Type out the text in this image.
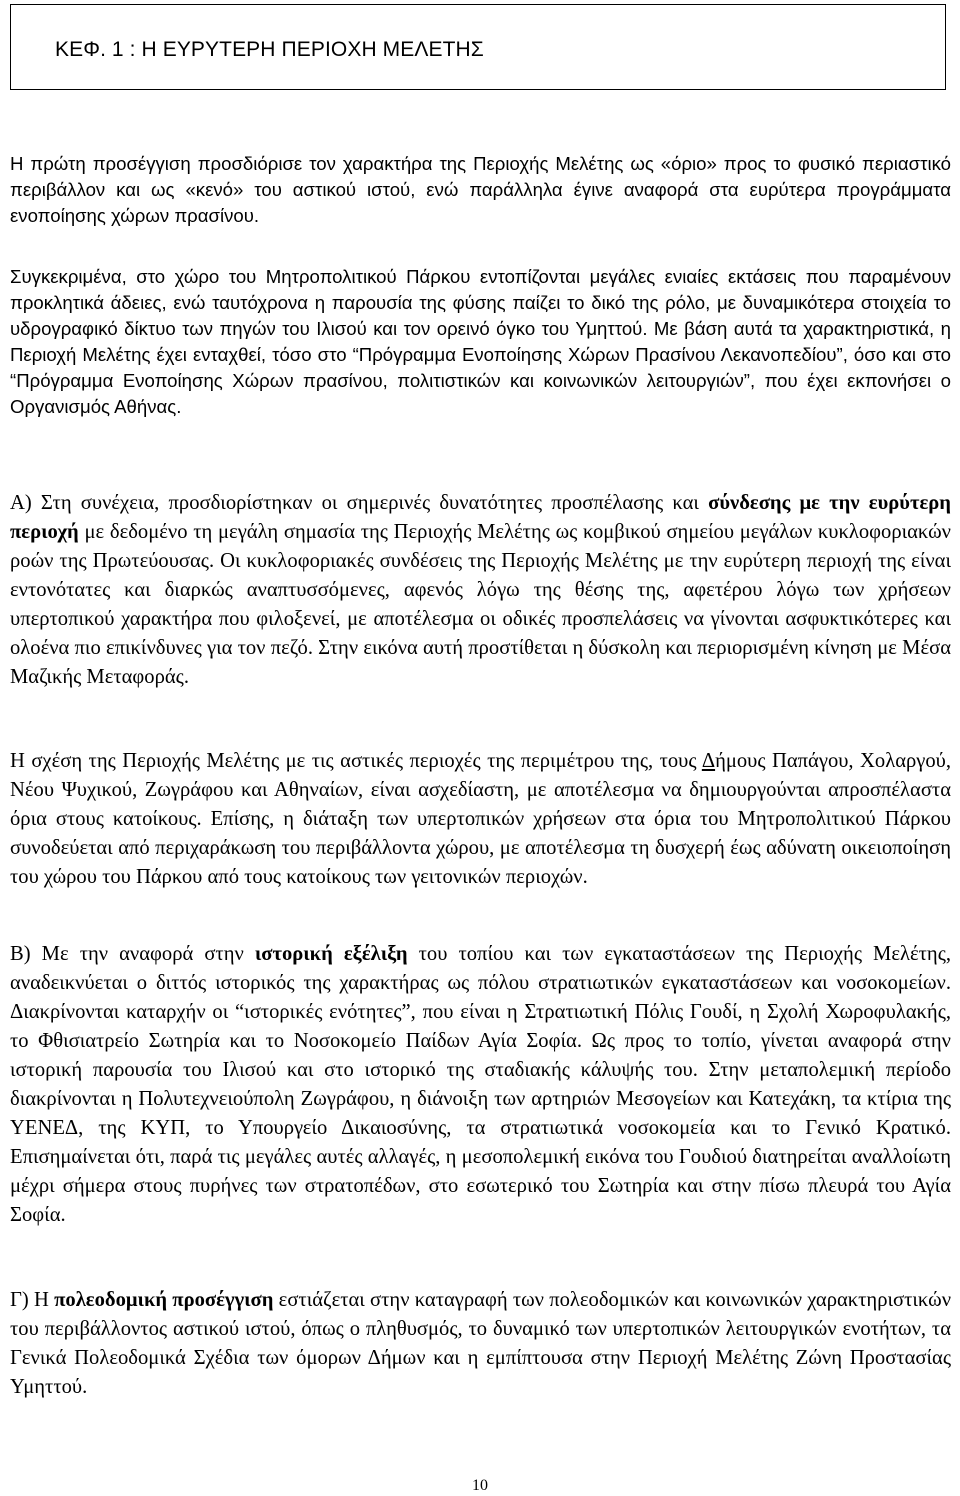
ΚΕΦ. 1 : Η ΕΥΡΥΤΕΡΗ ΠΕΡΙΟΧΗ ΜΕΛΕΤΗΣ

Η πρώτη προσέγγιση προσδιόρισε τον χαρακτήρα της Περιοχής Μελέτης ως «όριο» προς το φυσικό περιαστικό περιβάλλον και ως «κενό» του αστικού ιστού, ενώ παράλληλα έγινε αναφορά στα ευρύτερα προγράμματα ενοποίησης χώρων πρασίνου.

Συγκεκριμένα, στο χώρο του Μητροπολιτικού Πάρκου εντοπίζονται μεγάλες ενιαίες εκτάσεις που παραμένουν προκλητικά άδειες, ενώ ταυτόχρονα η παρουσία της φύσης παίζει το δικό της ρόλο, με δυναμικότερα στοιχεία το υδρογραφικό δίκτυο των πηγών του Ιλισού και τον ορεινό όγκο του Υμηττού. Με βάση αυτά τα χαρακτηριστικά, η Περιοχή Μελέτης έχει ενταχθεί, τόσο στο “Πρόγραμμα Ενοποίησης Χώρων Πρασίνου Λεκανοπεδίου”, όσο και στο “Πρόγραμμα Ενοποίησης Χώρων πρασίνου, πολιτιστικών και κοινωνικών λειτουργιών”, που έχει εκπονήσει ο Οργανισμός Αθήνας.

Α) Στη συνέχεια, προσδιορίστηκαν οι σημερινές δυνατότητες προσπέλασης και σύνδεσης με την ευρύτερη περιοχή με δεδομένο τη μεγάλη σημασία της Περιοχής Μελέτης ως κομβικού σημείου μεγάλων κυκλοφοριακών ροών της Πρωτεύουσας. Οι κυκλοφοριακές συνδέσεις της Περιοχής Μελέτης με την ευρύτερη περιοχή της είναι εντονότατες και διαρκώς αναπτυσσόμενες, αφενός λόγω της θέσης της, αφετέρου λόγω των χρήσεων υπερτοπικού χαρακτήρα που φιλοξενεί, με αποτέλεσμα οι οδικές προσπελάσεις να γίνονται ασφυκτικότερες και ολοένα πιο επικίνδυνες για τον πεζό. Στην εικόνα αυτή προστίθεται η δύσκολη και περιορισμένη κίνηση με Μέσα Μαζικής Μεταφοράς.

Η σχέση της Περιοχής Μελέτης με τις αστικές περιοχές της περιμέτρου της, τους Δήμους Παπάγου, Χολαργού, Νέου Ψυχικού, Ζωγράφου και Αθηναίων, είναι ασχεδίαστη, με αποτέλεσμα να δημιουργούνται απροσπέλαστα όρια στους κατοίκους. Επίσης, η διάταξη των υπερτοπικών χρήσεων στα όρια του Μητροπολιτικού Πάρκου συνοδεύεται από περιχαράκωση του περιβάλλοντα χώρου, με αποτέλεσμα τη δυσχερή έως αδύνατη οικειοποίηση του χώρου του Πάρκου από τους κατοίκους των γειτονικών περιοχών.

Β) Με την αναφορά στην ιστορική εξέλιξη του τοπίου και των εγκαταστάσεων της Περιοχής Μελέτης, αναδεικνύεται ο διττός ιστορικός της χαρακτήρας ως πόλου στρατιωτικών εγκαταστάσεων και νοσοκομείων. Διακρίνονται καταρχήν οι “ιστορικές ενότητες”, που είναι η Στρατιωτική Πόλις Γουδί, η Σχολή Χωροφυλακής, το Φθισιατρείο Σωτηρία και το Νοσοκομείο Παίδων Αγία Σοφία. Ως προς το τοπίο, γίνεται αναφορά στην ιστορική παρουσία του Ιλισού και στο ιστορικό της σταδιακής κάλυψής του. Στην μεταπολεμική περίοδο διακρίνονται η Πολυτεχνειούπολη Ζωγράφου, η διάνοιξη των αρτηριών Μεσογείων και Κατεχάκη, τα κτίρια της ΥΕΝΕΔ, της ΚΥΠ, το Υπουργείο Δικαιοσύνης, τα στρατιωτικά νοσοκομεία και το Γενικό Κρατικό. Επισημαίνεται ότι, παρά τις μεγάλες αυτές αλλαγές, η μεσοπολεμική εικόνα του Γουδιού διατηρείται αναλλοίωτη μέχρι σήμερα στους πυρήνες των στρατοπέδων, στο εσωτερικό του Σωτηρία και στην πίσω πλευρά του Αγία Σοφία.

Γ) Η πολεοδομική προσέγγιση εστιάζεται στην καταγραφή των πολεοδομικών και κοινωνικών χαρακτηριστικών του περιβάλλοντος αστικού ιστού, όπως ο πληθυσμός, το δυναμικό των υπερτοπικών λειτουργικών ενοτήτων, τα Γενικά Πολεοδομικά Σχέδια των όμορων Δήμων και η εμπίπτουσα στην Περιοχή Μελέτης Ζώνη Προστασίας Υμηττού.

10
